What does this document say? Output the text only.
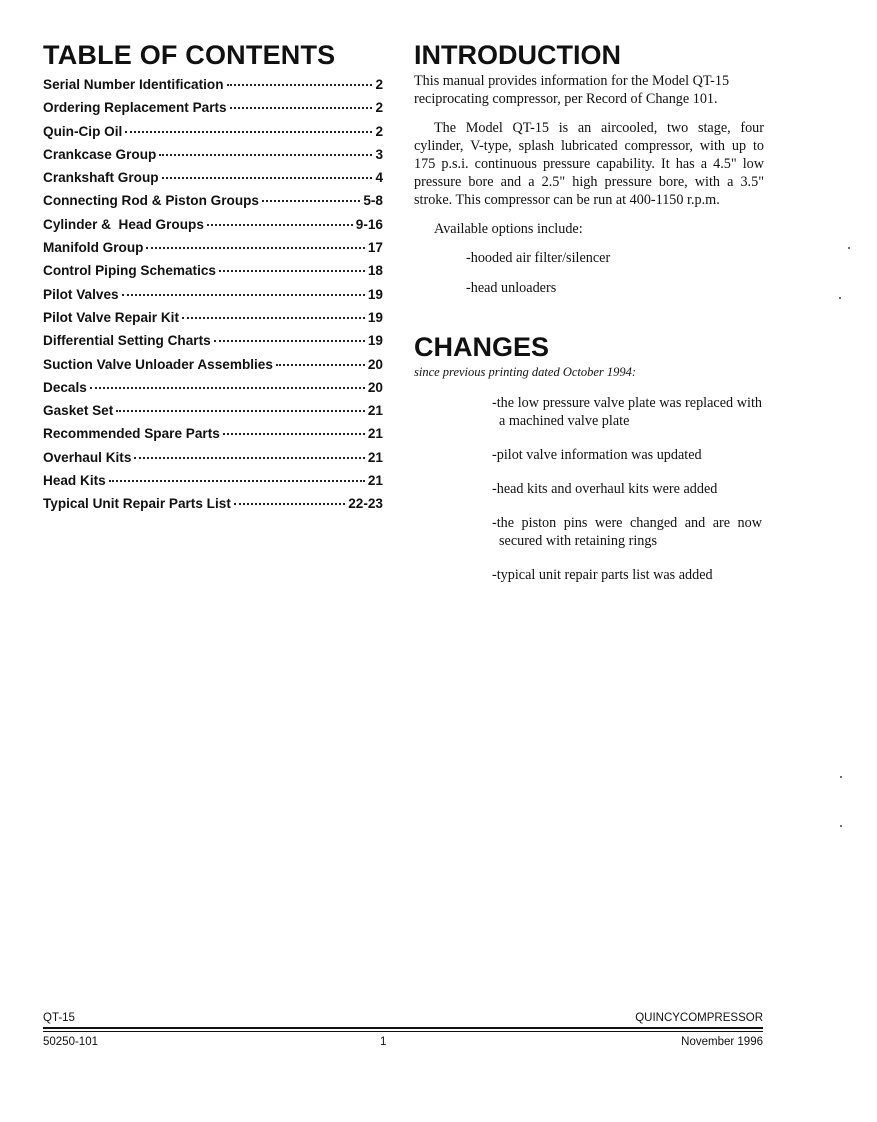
TABLE OF CONTENTS
Serial Number Identification	2
Ordering Replacement Parts	2
Quin-Cip Oil	2
Crankcase Group	3
Crankshaft Group	4
Connecting Rod & Piston Groups	5-8
Cylinder &  Head Groups	9-16
Manifold Group	17
Control Piping Schematics	18
Pilot Valves	19
Pilot Valve Repair Kit	19
Differential Setting Charts	19
Suction Valve Unloader Assemblies	20
Decals	20
Gasket Set	21
Recommended Spare Parts	21
Overhaul Kits	21
Head Kits	21
Typical Unit Repair Parts List	22-23
INTRODUCTION

This manual provides information for the Model QT-15 reciprocating compressor, per Record of Change 101.

The Model QT-15 is an aircooled, two stage, four cylinder, V-type, splash lubricated compressor, with up to 175 p.s.i. continuous pressure capability. It has a 4.5" low pressure bore and a 2.5" high pressure bore, with a 3.5" stroke. This compressor can be run at 400-1150 r.p.m.

Available options include:

-hooded air filter/silencer

-head unloaders

CHANGES

since previous printing dated October 1994:

-the low pressure valve plate was replaced with a machined valve plate
-pilot valve information was updated
-head kits and overhaul kits were added
-the piston pins were changed and are now secured with retaining rings
-typical unit repair parts list was added
QT-15	QUINCYCOMPRESSOR
50250-101	1	November 1996
